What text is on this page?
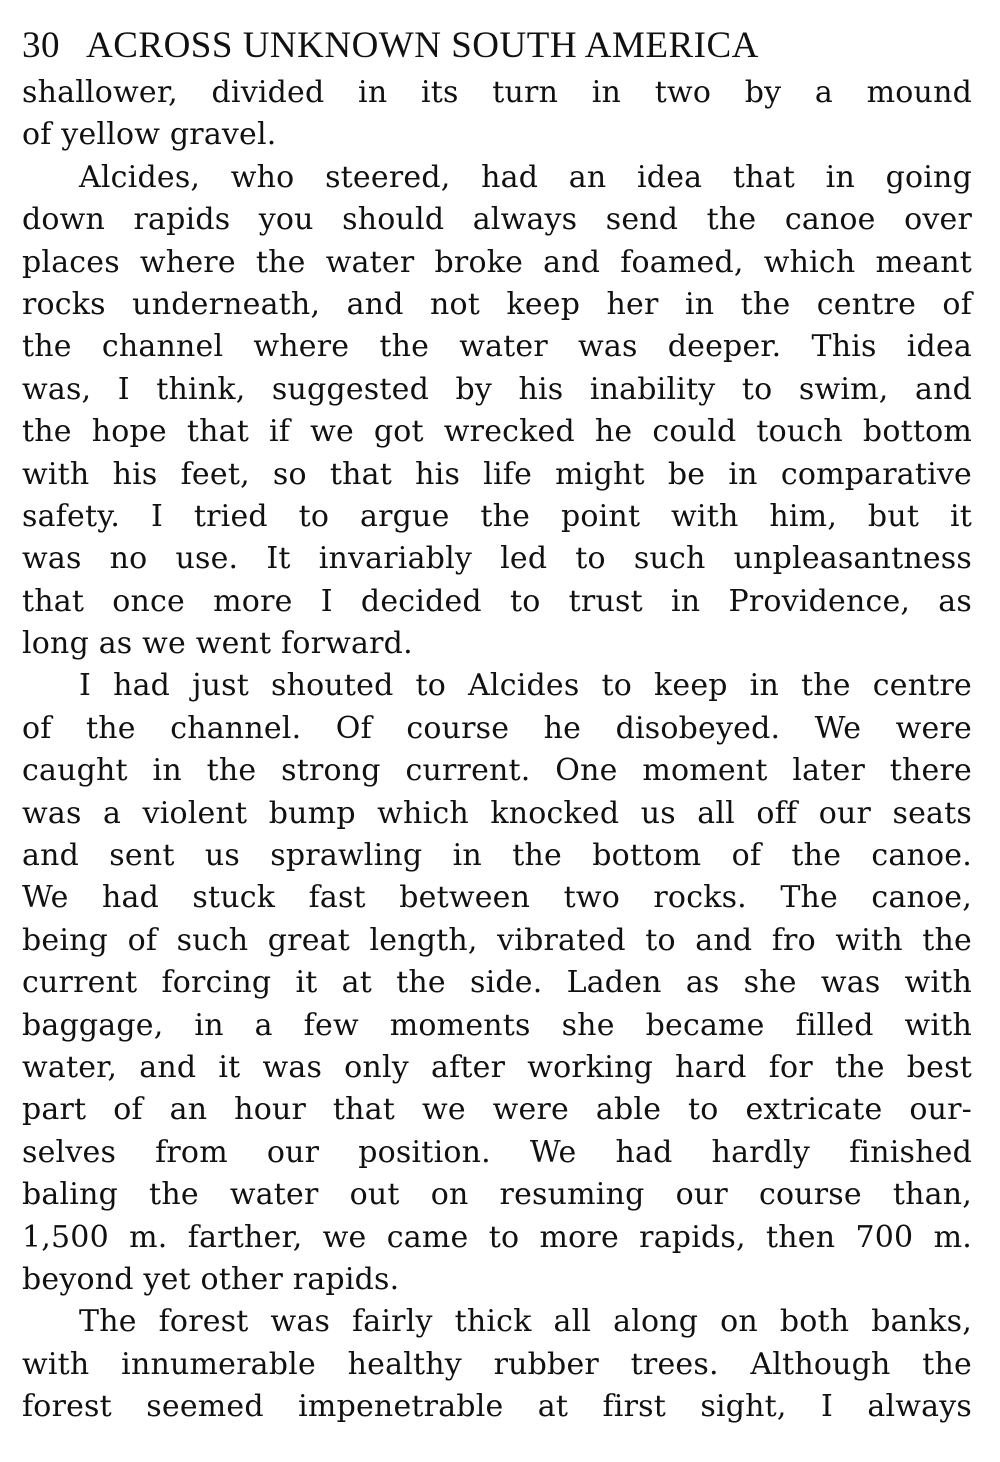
30 ACROSS UNKNOWN SOUTH AMERICA
shallower, divided in its turn in two by a mound
of yellow gravel.
Alcides, who steered, had an idea that in going
down rapids you should always send the canoe over
places where the water broke and foamed, which meant
rocks underneath, and not keep her in the centre of
the channel where the water was deeper. This idea
was, I think, suggested by his inability to swim, and
the hope that if we got wrecked he could touch bottom
with his feet, so that his life might be in comparative
safety. I tried to argue the point with him, but it
was no use. It invariably led to such unpleasantness
that once more I decided to trust in Providence, as
long as we went forward.
I had just shouted to Alcides to keep in the centre
of the channel. Of course he disobeyed. We were
caught in the strong current. One moment later there
was a violent bump which knocked us all off our seats
and sent us sprawling in the bottom of the canoe.
We had stuck fast between two rocks. The canoe,
being of such great length, vibrated to and fro with the
current forcing it at the side. Laden as she was with
baggage, in a few moments she became filled with
water, and it was only after working hard for the best
part of an hour that we were able to extricate our-
selves from our position. We had hardly finished
baling the water out on resuming our course than,
1,500 m. farther, we came to more rapids, then 700 m.
beyond yet other rapids.
The forest was fairly thick all along on both banks,
with innumerable healthy rubber trees. Although the
forest seemed impenetrable at first sight, I always
